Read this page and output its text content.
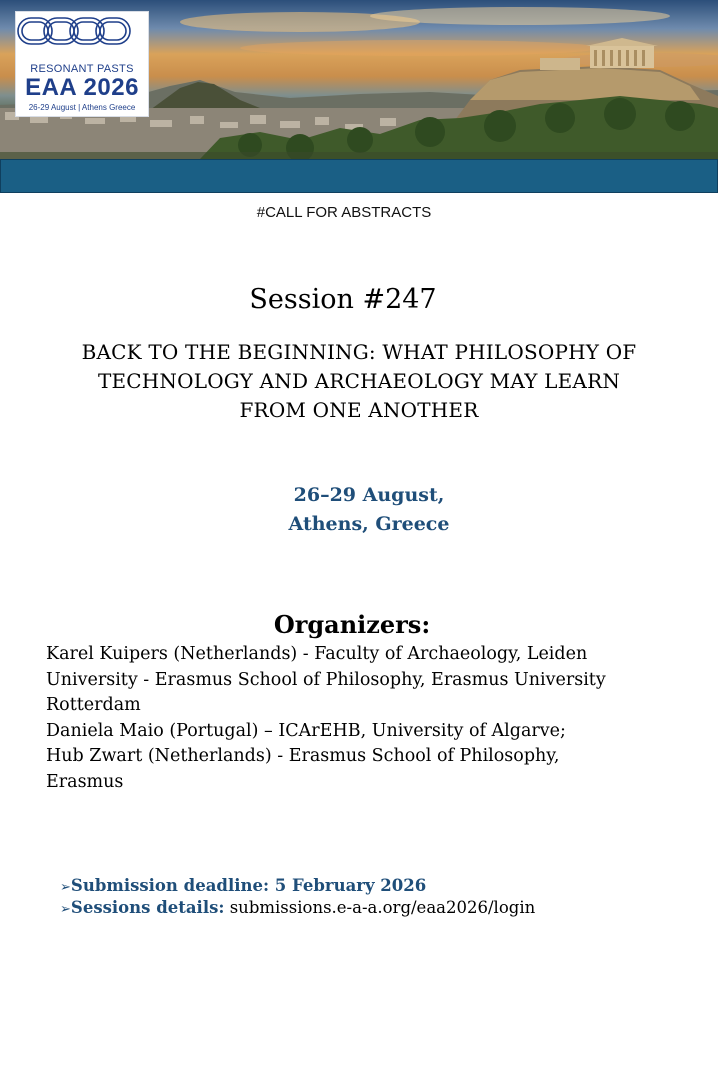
RESONANT PASTS
EAA 2026
26-29 August | Athens Greece
#CALL FOR ABSTRACTS
Session #247
BACK TO THE BEGINNING: WHAT PHILOSOPHY OF
TECHNOLOGY AND ARCHAEOLOGY MAY LEARN
FROM ONE ANOTHER
26–29 August,
Athens, Greece
Organizers:
Karel Kuipers (Netherlands) - Faculty of Archaeology, Leiden
University - Erasmus School of Philosophy, Erasmus University
Rotterdam
Daniela Maio (Portugal) – ICArEHB, University of Algarve;
Hub Zwart (Netherlands) - Erasmus School of Philosophy,
Erasmus
➢Submission deadline: 5 February 2026
➢Sessions details: submissions.e-a-a.org/eaa2026/login
